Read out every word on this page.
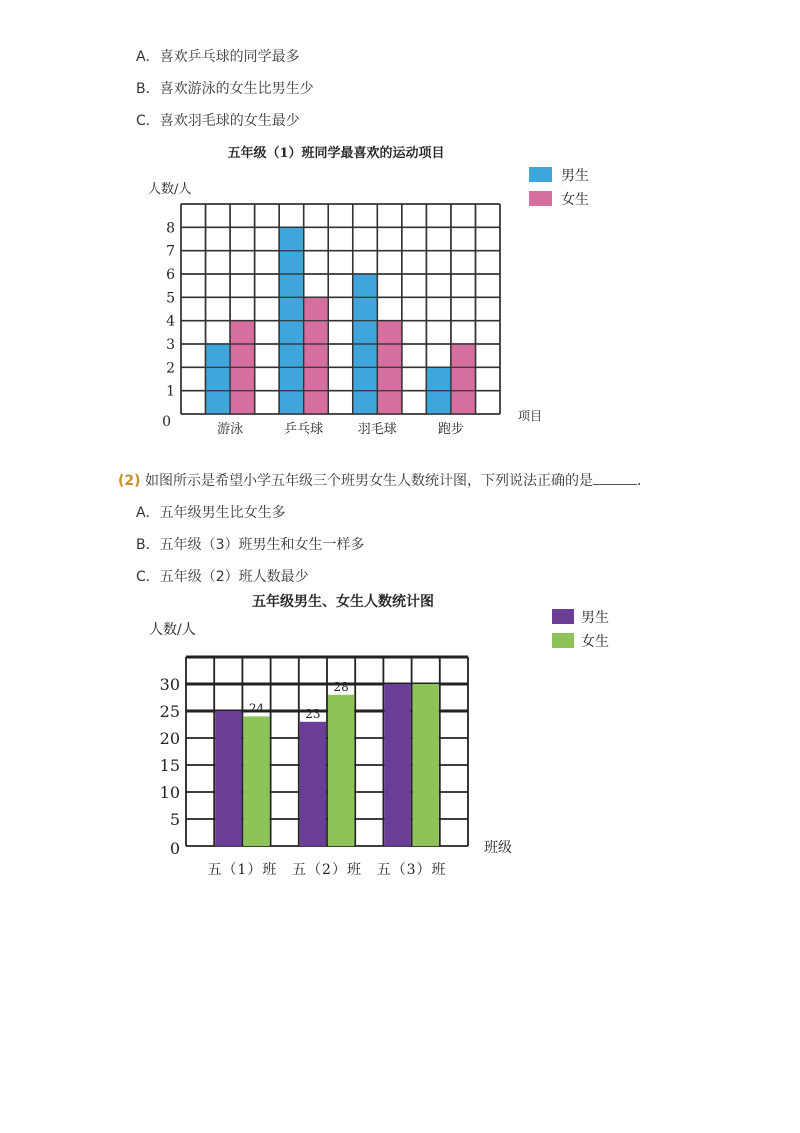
A．喜欢乒乓球的同学最多
B．喜欢游泳的女生比男生少
C．喜欢羽毛球的女生最少
五年级（1）班同学最喜欢的运动项目
人数/人
项目
游泳	乒乓球	羽毛球	跑步
0
1
2
3
4
5
6
7
8
男生
女生
(2) 如图所示是希望小学五年级三个班男女生人数统计图，下列说法正确的是	．
A．五年级男生比女生多
B．五年级（3）班男生和女生一样多
C．五年级（2）班人数最少
五年级男生、女生人数统计图
人数/人
班级
五（1）班 五（2）班 五（3）班
24
28
23
0
5
10
15
20
25
30
男生
女生
